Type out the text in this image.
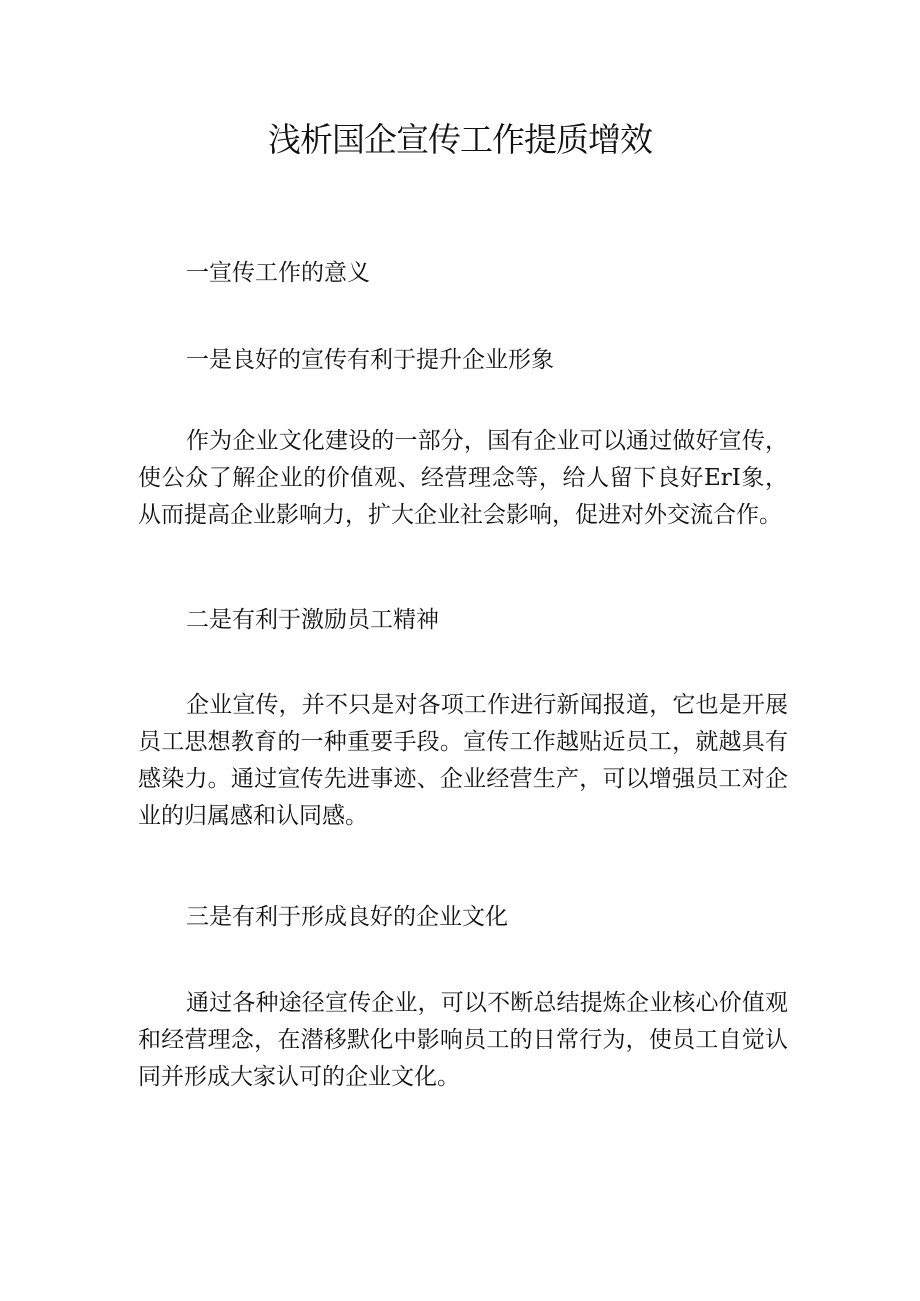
浅析国企宣传工作提质增效

一宣传工作的意义

一是良好的宣传有利于提升企业形象

作为企业文化建设的一部分，国有企业可以通过做好宣传，使公众了解企业的价值观、经营理念等，给人留下良好ErI象，从而提高企业影响力，扩大企业社会影响，促进对外交流合作。

二是有利于激励员工精神

企业宣传，并不只是对各项工作进行新闻报道，它也是开展员工思想教育的一种重要手段。宣传工作越贴近员工，就越具有感染力。通过宣传先进事迹、企业经营生产，可以增强员工对企业的归属感和认同感。

三是有利于形成良好的企业文化

通过各种途径宣传企业，可以不断总结提炼企业核心价值观和经营理念，在潜移默化中影响员工的日常行为，使员工自觉认同并形成大家认可的企业文化。
